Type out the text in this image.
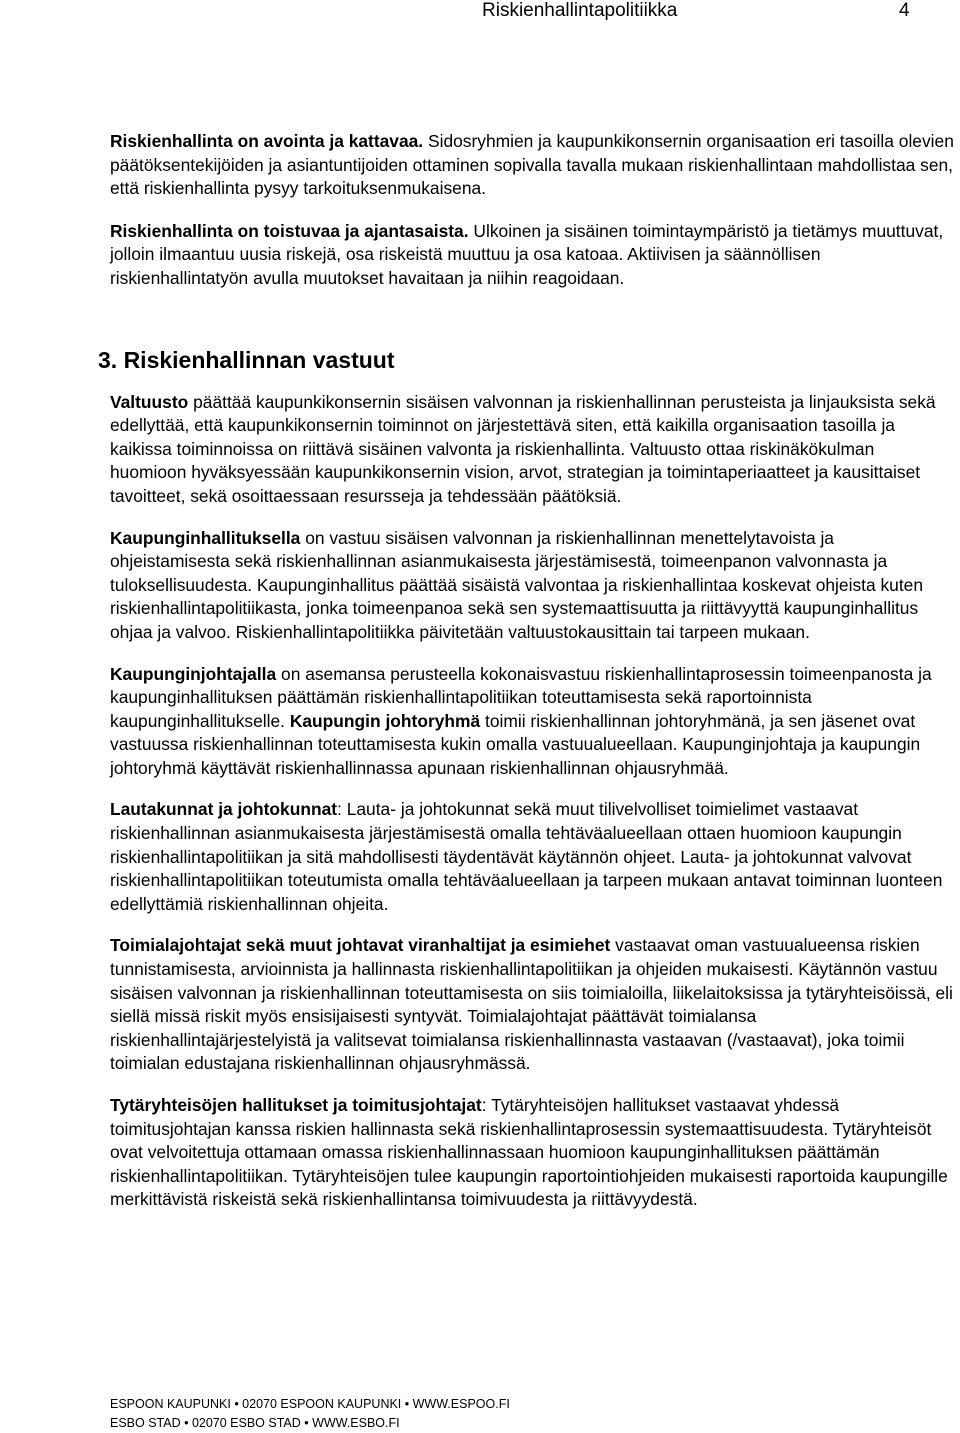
Riskienhallintapolitiikka	4

Riskienhallinta on avointa ja kattavaa. Sidosryhmien ja kaupunkikonsernin organisaation eri tasoilla olevien päätöksentekijöiden ja asiantuntijoiden ottaminen sopivalla tavalla mukaan riskienhallintaan mahdollistaa sen, että riskienhallinta pysyy tarkoituksenmukaisena.

Riskienhallinta on toistuvaa ja ajantasaista. Ulkoinen ja sisäinen toimintaympäristö ja tietämys muuttuvat, jolloin ilmaantuu uusia riskejä, osa riskeistä muuttuu ja osa katoaa. Aktiivisen ja säännöllisen riskienhallintatyön avulla muutokset havaitaan ja niihin reagoidaan.

3. Riskienhallinnan vastuut

Valtuusto päättää kaupunkikonsernin sisäisen valvonnan ja riskienhallinnan perusteista ja linjauksista sekä edellyttää, että kaupunkikonsernin toiminnot on järjestettävä siten, että kaikilla organisaation tasoilla ja kaikissa toiminnoissa on riittävä sisäinen valvonta ja riskienhallinta. Valtuusto ottaa riskinäkökulman huomioon hyväksyessään kaupunkikonsernin vision, arvot, strategian ja toimintaperiaatteet ja kausittaiset tavoitteet, sekä osoittaessaan resursseja ja tehdessään päätöksiä.

Kaupunginhallituksella on vastuu sisäisen valvonnan ja riskienhallinnan menettelytavoista ja ohjeistamisesta sekä riskienhallinnan asianmukaisesta järjestämisestä, toimeenpanon valvonnasta ja tuloksellisuudesta. Kaupunginhallitus päättää sisäistä valvontaa ja riskienhallintaa koskevat ohjeista kuten riskienhallintapolitiikasta, jonka toimeenpanoa sekä sen systemaattisuutta ja riittävyyttä kaupunginhallitus ohjaa ja valvoo. Riskienhallintapolitiikka päivitetään valtuustokausittain tai tarpeen mukaan.

Kaupunginjohtajalla on asemansa perusteella kokonaisvastuu riskienhallintaprosessin toimeenpanosta ja kaupunginhallituksen päättämän riskienhallintapolitiikan toteuttamisesta sekä raportoinnista kaupunginhallitukselle. Kaupungin johtoryhmä toimii riskienhallinnan johtoryhmänä, ja sen jäsenet ovat vastuussa riskienhallinnan toteuttamisesta kukin omalla vastuualueellaan. Kaupunginjohtaja ja kaupungin johtoryhmä käyttävät riskienhallinnassa apunaan riskienhallinnan ohjausryhmää.

Lautakunnat ja johtokunnat: Lauta- ja johtokunnat sekä muut tilivelvolliset toimielimet vastaavat riskienhallinnan asianmukaisesta järjestämisestä omalla tehtäväalueellaan ottaen huomioon kaupungin riskienhallintapolitiikan ja sitä mahdollisesti täydentävät käytännön ohjeet. Lauta- ja johtokunnat valvovat riskienhallintapolitiikan toteutumista omalla tehtäväalueellaan ja tarpeen mukaan antavat toiminnan luonteen edellyttämiä riskienhallinnan ohjeita.

Toimialajohtajat sekä muut johtavat viranhaltijat ja esimiehet vastaavat oman vastuualueensa riskien tunnistamisesta, arvioinnista ja hallinnasta riskienhallintapolitiikan ja ohjeiden mukaisesti. Käytännön vastuu sisäisen valvonnan ja riskienhallinnan toteuttamisesta on siis toimialoilla, liikelaitoksissa ja tytäryhteisöissä, eli siellä missä riskit myös ensisijaisesti syntyvät. Toimialajohtajat päättävät toimialansa riskienhallintajärjestelyistä ja valitsevat toimialansa riskienhallinnasta vastaavan (/vastaavat), joka toimii toimialan edustajana riskienhallinnan ohjausryhmässä.

Tytäryhteisöjen hallitukset ja toimitusjohtajat: Tytäryhteisöjen hallitukset vastaavat yhdessä toimitusjohtajan kanssa riskien hallinnasta sekä riskienhallintaprosessin systemaattisuudesta. Tytäryhteisöt ovat velvoitettuja ottamaan omassa riskienhallinnassaan huomioon kaupunginhallituksen päättämän riskienhallintapolitiikan. Tytäryhteisöjen tulee kaupungin raportointiohjeiden mukaisesti raportoida kaupungille merkittävistä riskeistä sekä riskienhallintansa toimivuudesta ja riittävyydestä.

ESPOON KAUPUNKI • 02070 ESPOON KAUPUNKI • WWW.ESPOO.FI
ESBO STAD • 02070 ESBO STAD • WWW.ESBO.FI
